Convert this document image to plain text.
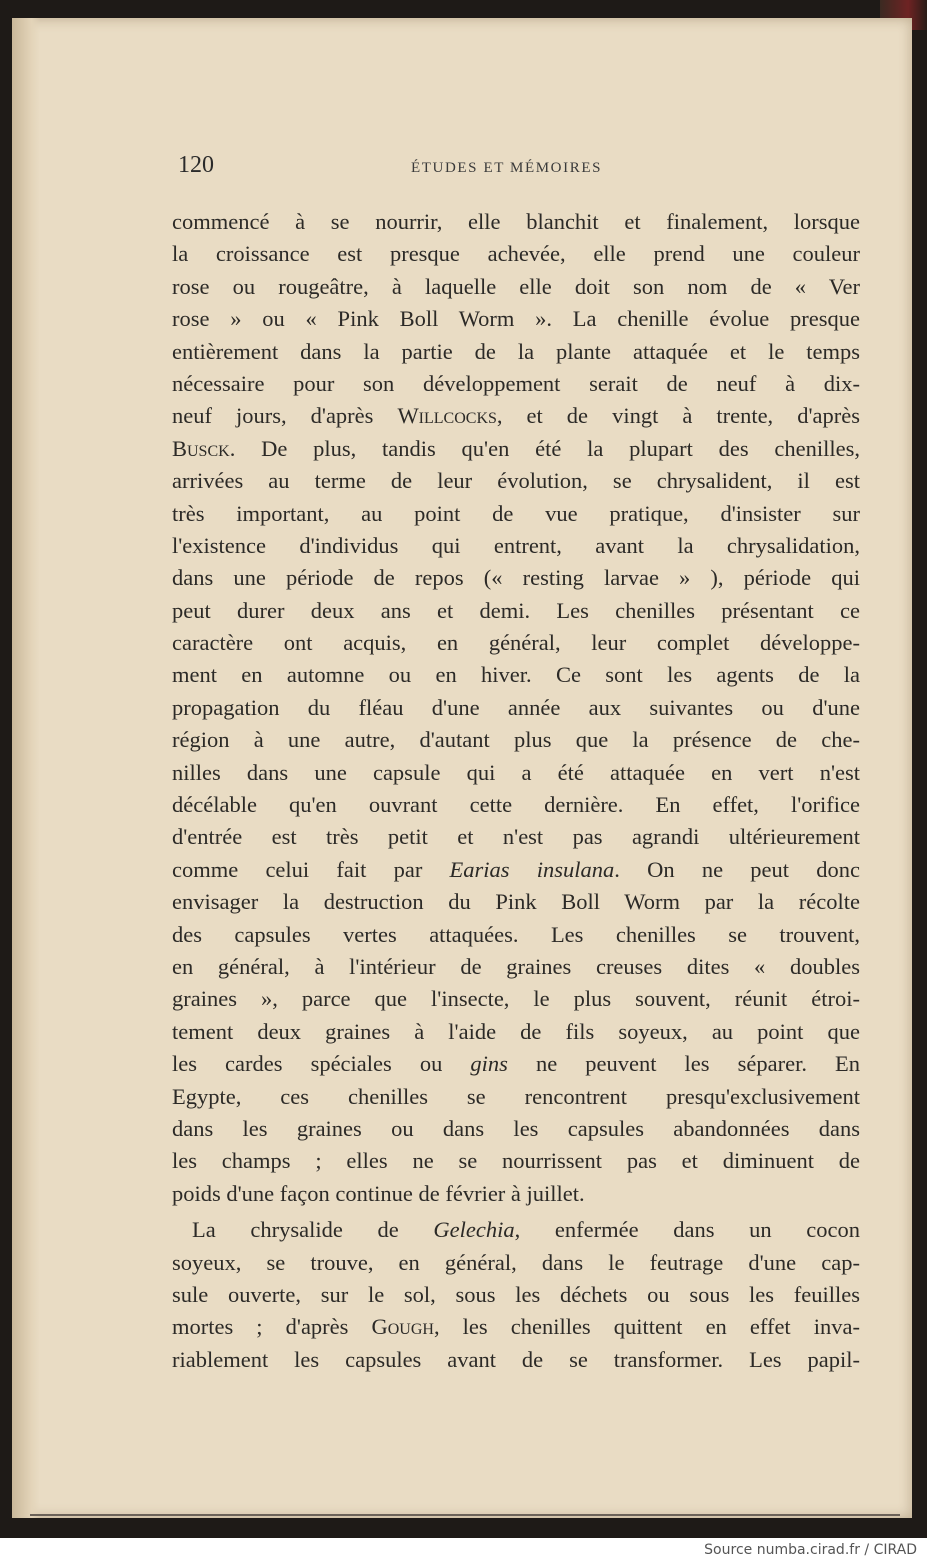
120	ÉTUDES ET MÉMOIRES
commencé à se nourrir, elle blanchit et finalement, lorsque
la croissance est presque achevée, elle prend une couleur
rose ou rougeâtre, à laquelle elle doit son nom de « Ver
rose » ou « Pink Boll Worm ». La chenille évolue presque
entièrement dans la partie de la plante attaquée et le temps
nécessaire pour son développement serait de neuf à dix-
neuf jours, d'après Willcocks, et de vingt à trente, d'après
Busck. De plus, tandis qu'en été la plupart des chenilles,
arrivées au terme de leur évolution, se chrysalident, il est
très important, au point de vue pratique, d'insister sur
l'existence d'individus qui entrent, avant la chrysalidation,
dans une période de repos (« resting larvae » ), période qui
peut durer deux ans et demi. Les chenilles présentant ce
caractère ont acquis, en général, leur complet développe-
ment en automne ou en hiver. Ce sont les agents de la
propagation du fléau d'une année aux suivantes ou d'une
région à une autre, d'autant plus que la présence de che-
nilles dans une capsule qui a été attaquée en vert n'est
décélable qu'en ouvrant cette dernière. En effet, l'orifice
d'entrée est très petit et n'est pas agrandi ultérieurement
comme celui fait par Earias insulana. On ne peut donc
envisager la destruction du Pink Boll Worm par la récolte
des capsules vertes attaquées. Les chenilles se trouvent,
en général, à l'intérieur de graines creuses dites « doubles
graines », parce que l'insecte, le plus souvent, réunit étroi-
tement deux graines à l'aide de fils soyeux, au point que
les cardes spéciales ou gins ne peuvent les séparer. En
Egypte, ces chenilles se rencontrent presqu'exclusivement
dans les graines ou dans les capsules abandonnées dans
les champs ; elles ne se nourrissent pas et diminuent de
poids d'une façon continue de février à juillet.
La chrysalide de Gelechia, enfermée dans un cocon
soyeux, se trouve, en général, dans le feutrage d'une cap-
sule ouverte, sur le sol, sous les déchets ou sous les feuilles
mortes ; d'après Gough, les chenilles quittent en effet inva-
riablement les capsules avant de se transformer. Les papil-
Source numba.cirad.fr / CIRAD
